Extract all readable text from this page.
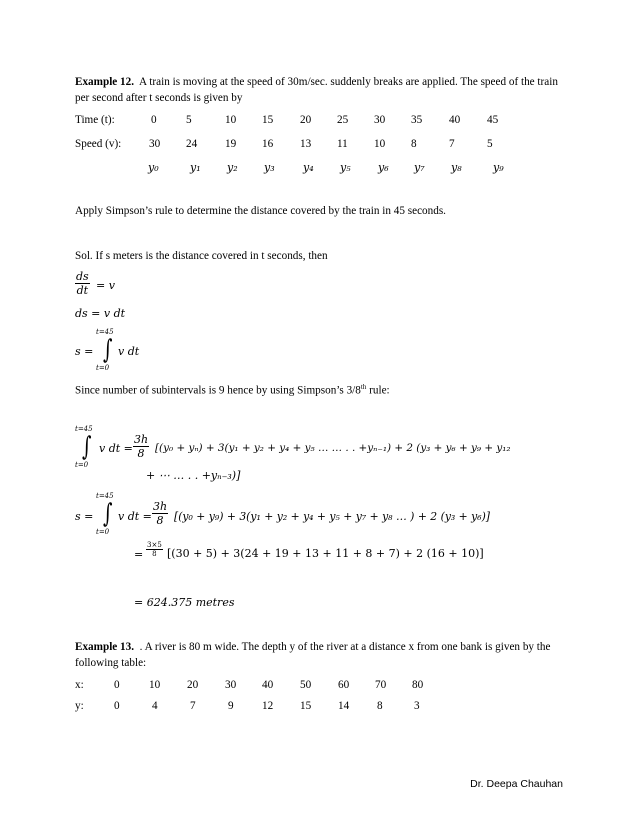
Example 12. A train is moving at the speed of 30m/sec. suddenly breaks are applied. The speed of the train per second after t seconds is given by
Time (t):	0	5	10 15 20 25 30 35 40 45
Speed (v): 30 24 19 16 13 11 10 8	7	5
y₀	y₁ y₂ y₃	y₄ y₅ y₆ y₇ y₈	y₉
Apply Simpson’s rule to determine the distance covered by the train in 45 seconds.
Sol. If s meters is the distance covered in t seconds, then
$\frac{ds}{dt} = v$
ds = v dt
s =
t=45
∫
t=0
v dt
Since number of subintervals is 9 hence by using Simpson’s 3/8th rule:
t=45
∫
t=0
v dt = $\frac{3h}{8} [(y_0 + y_n) + 3(y_1 + y_2 + y_4 + y_5$ … … . . +yₙ₋₁) + 2 (y₃ + y₆ + y₉ + y₁₂
+ ⋯ … . . +yₙ₋₃)]
s =
t=45
∫
t=0
v dt = $\frac{3h}{8} [(y_0 + y_9) + 3(y_1 + y_2 + y_4 + y_5 + y_7 + y_8$ … ) + 2 (y₃ + y₆)]
= $\frac{3\times 5}{8} [(30 + 5) + 3(24 + 19 + 13 + 11 + 8 + 7) + 2$ (16 + 10)]
= 624.375 metres
Example 13. . A river is 80 m wide. The depth y of the river at a distance x from one bank is given by the following table:
x:	0	10 20 30 40 50 60 70 80
y:	0	4	7	9	12 15 14 8	3
Dr. Deepa Chauhan
